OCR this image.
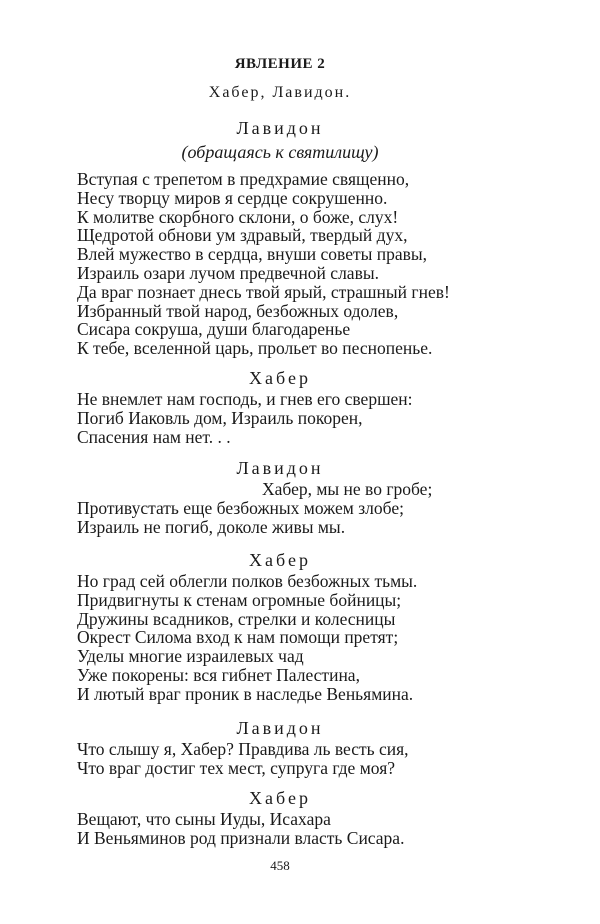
ЯВЛЕНИЕ 2
Хабер, Лавидон.
Лавидон
(обращаясь к святилищу)
Вступая с трепетом в предхрамие священно,
Несу творцу миров я сердце сокрушенно.
К молитве скорбного склони, о боже, слух!
Щедротой обнови ум здравый, твердый дух,
Влей мужество в сердца, внуши советы правы,
Израиль озари лучом предвечной славы.
Да враг познает днесь твой ярый, страшный гнев!
Избранный твой народ, безбожных одолев,
Сисара сокруша, души благодаренье
К тебе, вселенной царь, прольет во песнопенье.
Хабер
Не внемлет нам господь, и гнев его свершен:
Погиб Иаковль дом, Израиль покорен,
Спасения нам нет. . .
Лавидон
Хабер, мы не во гробе;
Противустать еще безбожных можем злобе;
Израиль не погиб, доколе живы мы.
Хабер
Но град сей облегли полков безбожных тьмы.
Придвигнуты к стенам огромные бойницы;
Дружины всадников, стрелки и колесницы
Окрест Силома вход к нам помощи претят;
Уделы многие израилевых чад
Уже покорены: вся гибнет Палестина,
И лютый враг проник в наследье Веньямина.
Лавидон
Что слышу я, Хабер? Правдива ль весть сия,
Что враг достиг тех мест, супруга где моя?
Хабер
Вещают, что сыны Иуды, Исахара
И Веньяминов род признали власть Сисара.
458
